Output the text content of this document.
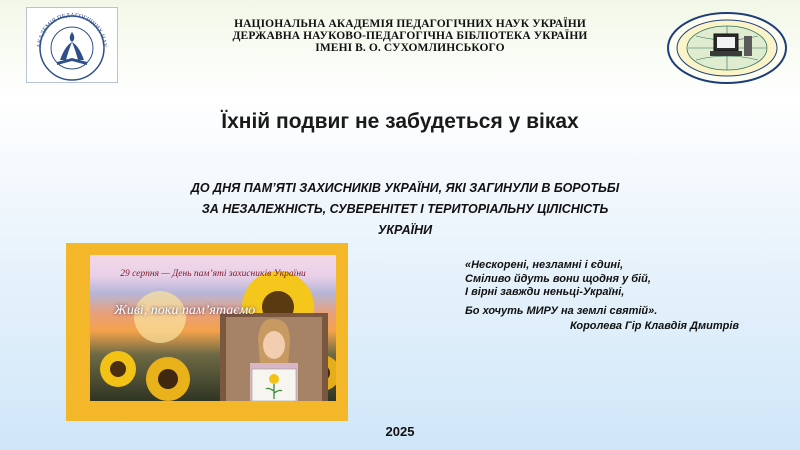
АКАДЕМІЯ ПЕДАГОГІЧНИХ НАУ
НАЦІОНАЛЬНА АКАДЕМІЯ ПЕДАГОГІЧНИХ НАУК УКРАЇНИ
ДЕРЖАВНА НАУКОВО-ПЕДАГОГІЧНА БІБЛІОТЕКА УКРАЇНИ
ІМЕНІ В. О. СУХОМЛИНСЬКОГО
Їхній подвиг не забудеться у віках
ДО ДНЯ ПАМ’ЯТІ ЗАХИСНИКІВ УКРАЇНИ, ЯКІ ЗАГИНУЛИ В БОРОТЬБІ
ЗА НЕЗАЛЕЖНІСТЬ, СУВЕРЕНІТЕТ І ТЕРИТОРІАЛЬНУ ЦІЛІСНІСТЬ
УКРАЇНИ
29 серпня — День пам’яті захисників України
Живі, поки пам’ятаємо
«Нескорені, незламні і єдині,
Сміливо йдуть вони щодня у бій,
І вірні завжди неньці-Україні,
Бо хочуть МИРУ на землі святій».
Королева Гір Клавдія Дмитрів
2025
